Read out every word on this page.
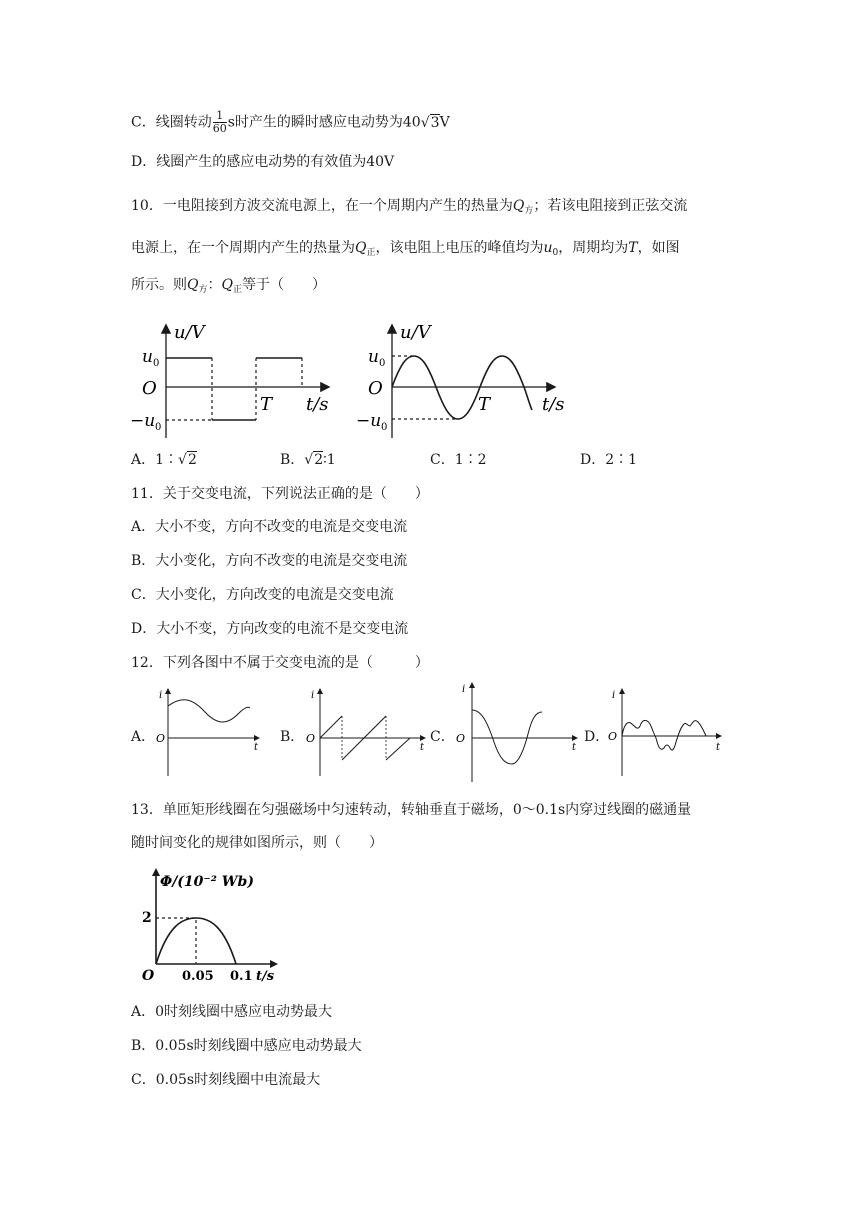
C．线圈转动 $\frac{1}{60}$ s时产生的瞬时感应电动势为40√3V
D．线圈产生的感应电动势的有效值为40V
10．一电阻接到方波交流电源上，在一个周期内产生的热量为$Q_方$；若该电阻接到正弦交流
电源上，在一个周期内产生的热量为$Q_正$，该电阻上电压的峰值均为$u_0$，周期均为T，如图
所示。则$Q_方$：$Q_正$等于（　　）
u/V
u 0
O
−u 0
T t/s
u/V
u 0
O
−u 0
T	t/s
A．1∶√2	B．√2∶1	C．1∶2	D．2∶1
11．关于交变电流，下列说法正确的是（　　）
A．大小不变，方向不改变的电流是交变电流
B．大小变化，方向不改变的电流是交变电流
C．大小变化，方向改变的电流是交变电流
D．大小不变，方向改变的电流不是交变电流
12．下列各图中不属于交变电流的是（　　　）
A．	B．	C．	D．
i
O
t
i
O
t
i
O
t
i
O
t
13．单匝矩形线圈在匀强磁场中匀速转动，转轴垂直于磁场，0～0.1s内穿过线圈的磁通量
随时间变化的规律如图所示，则（　　）
Φ/(10⁻² Wb)
2
O 0.05 0.1 t/s
A．0时刻线圈中感应电动势最大
B．0.05s时刻线圈中感应电动势最大
C．0.05s时刻线圈中电流最大
